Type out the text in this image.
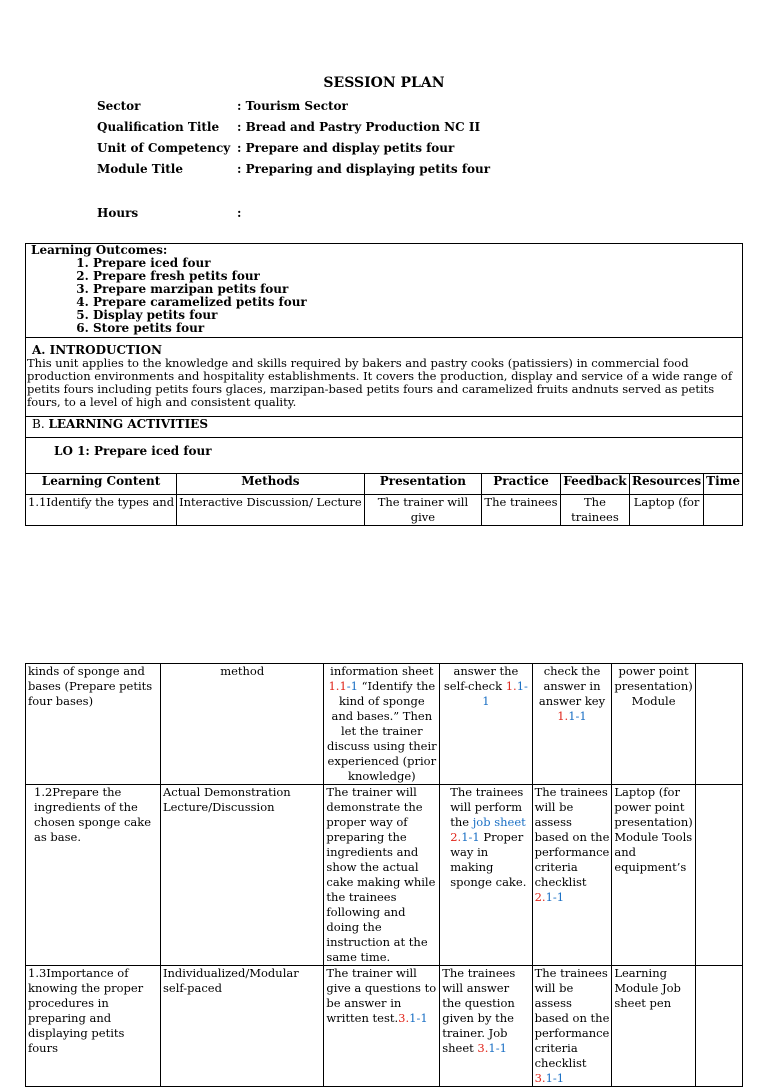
SESSION PLAN
Sector	: Tourism Sector
Qualification Title	: Bread and Pastry Production NC II
Unit of Competency : Prepare and display petits four
Module Title	: Preparing and displaying petits four
Hours	:
Learning Outcomes:
1. Prepare iced four
2. Prepare fresh petits four
3. Prepare marzipan petits four
4. Prepare caramelized petits four
5. Display petits four
6. Store petits four
A. INTRODUCTION
This unit applies to the knowledge and skills required by bakers and pastry cooks (patissiers) in commercial food production environments and hospitality establishments. It covers the production, display and service of a wide range of petits fours including petits fours glaces, marzipan-based petits fours and caramelized fruits andnuts served as petits fours, to a level of high and consistent quality.
B. LEARNING ACTIVITIES
LO 1: Prepare iced four
Learning Content	Methods	Presentation	Practice	Feedback	Resources	Time
1.1Identify the types and	Interactive Discussion/ Lecture	The trainer will give	The trainees	The trainees	Laptop (for	
kinds of sponge and bases (Prepare petits four bases)	method	information sheet 1.1-1 “Identify the kind of sponge and bases.” Then let the trainer discuss using their experienced (prior knowledge)	answer the self-check 1.1-1	check the answer in answer key 1.1-1	power point presentation) Module	
1.2Prepare the ingredients of the chosen sponge cake as base.	Actual Demonstration Lecture/Discussion	The trainer will demonstrate the proper way of preparing the ingredients and show the actual cake making while the trainees following and doing the instruction at the same time.	The trainees will perform the job sheet 2.1-1 Proper way in making sponge cake.	The trainees will be assess based on the performance criteria checklist 2.1-1	Laptop (for power point presentation) Module Tools and equipment’s	
1.3Importance of knowing the proper procedures in preparing and displaying petits fours	Individualized/Modular self-paced	The trainer will give a questions to be answer in written test.3.1-1	The trainees will answer the question given by the trainer. Job sheet 3.1-1	The trainees will be assess based on the performance criteria checklist 3.1-1	Learning Module Job sheet pen	
